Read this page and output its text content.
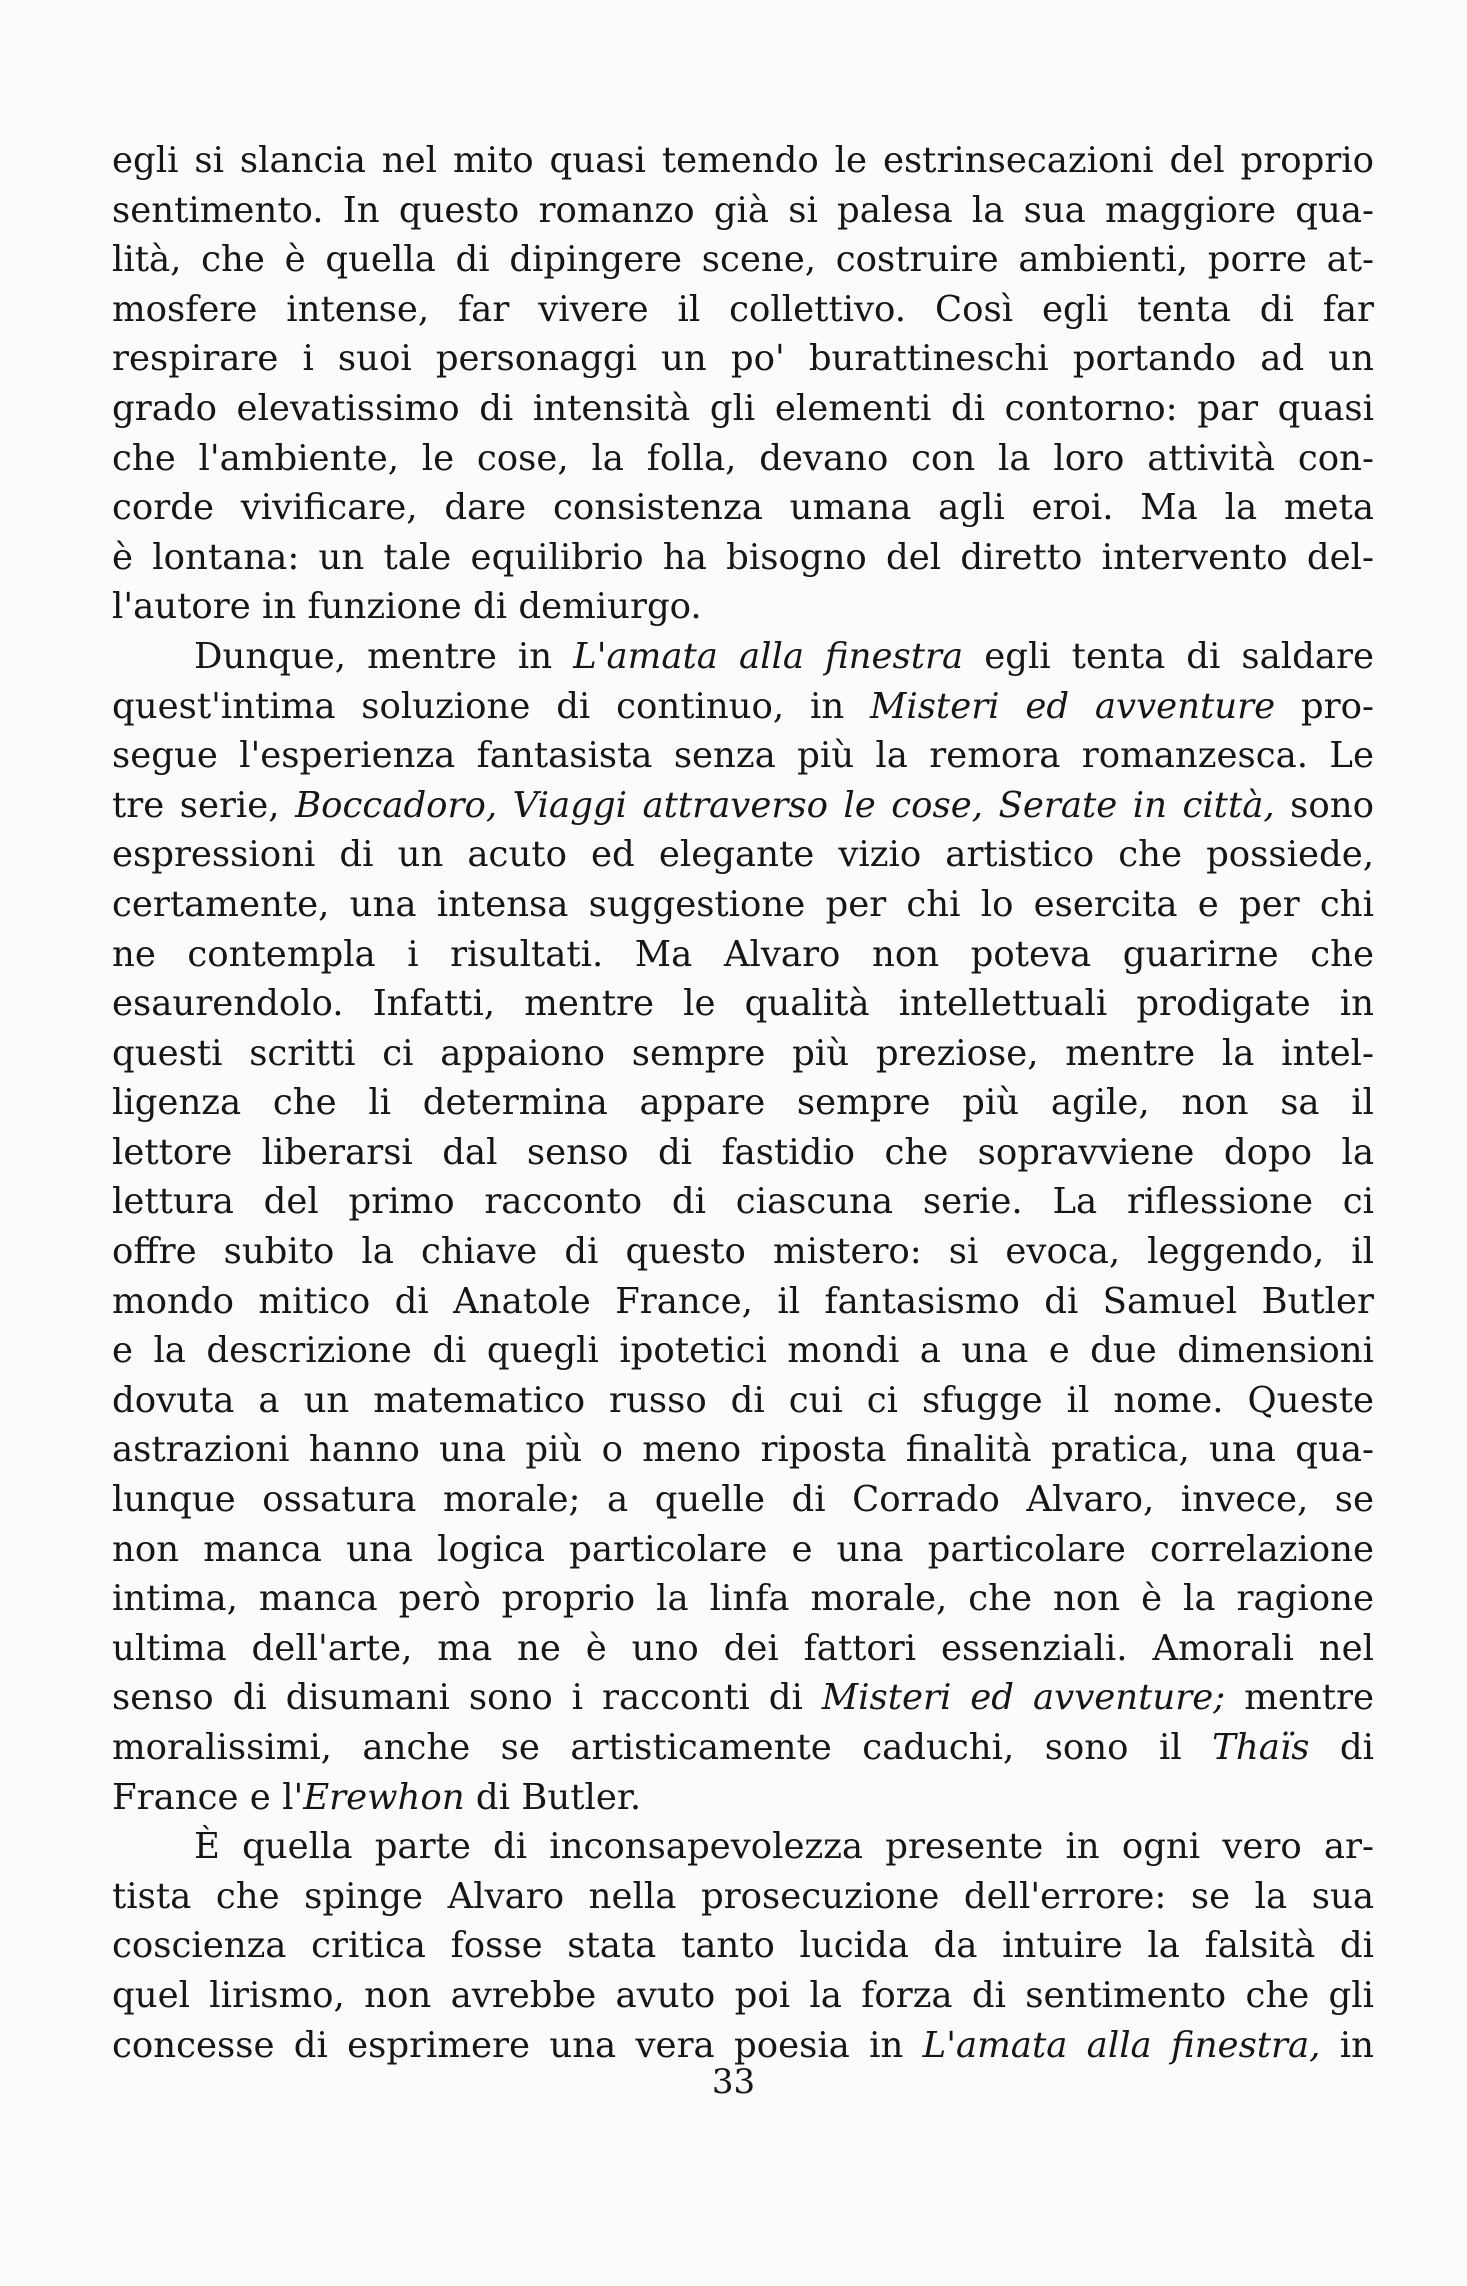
egli si slancia nel mito quasi temendo le estrinsecazioni del proprio
sentimento. In questo romanzo già si palesa la sua maggiore qua-
lità, che è quella di dipingere scene, costruire ambienti, porre at-
mosfere intense, far vivere il collettivo. Così egli tenta di far
respirare i suoi personaggi un po' burattineschi portando ad un
grado elevatissimo di intensità gli elementi di contorno: par quasi
che l'ambiente, le cose, la folla, devano con la loro attività con-
corde vivificare, dare consistenza umana agli eroi. Ma la meta
è lontana: un tale equilibrio ha bisogno del diretto intervento del-
l'autore in funzione di demiurgo.
Dunque, mentre in L'amata alla finestra egli tenta di saldare
quest'intima soluzione di continuo, in Misteri ed avventure pro-
segue l'esperienza fantasista senza più la remora romanzesca. Le
tre serie, Boccadoro, Viaggi attraverso le cose, Serate in città, sono
espressioni di un acuto ed elegante vizio artistico che possiede,
certamente, una intensa suggestione per chi lo esercita e per chi
ne contempla i risultati. Ma Alvaro non poteva guarirne che
esaurendolo. Infatti, mentre le qualità intellettuali prodigate in
questi scritti ci appaiono sempre più preziose, mentre la intel-
ligenza che li determina appare sempre più agile, non sa il
lettore liberarsi dal senso di fastidio che sopravviene dopo la
lettura del primo racconto di ciascuna serie. La riflessione ci
offre subito la chiave di questo mistero: si evoca, leggendo, il
mondo mitico di Anatole France, il fantasismo di Samuel Butler
e la descrizione di quegli ipotetici mondi a una e due dimensioni
dovuta a un matematico russo di cui ci sfugge il nome. Queste
astrazioni hanno una più o meno riposta finalità pratica, una qua-
lunque ossatura morale; a quelle di Corrado Alvaro, invece, se
non manca una logica particolare e una particolare correlazione
intima, manca però proprio la linfa morale, che non è la ragione
ultima dell'arte, ma ne è uno dei fattori essenziali. Amorali nel
senso di disumani sono i racconti di Misteri ed avventure; mentre
moralissimi, anche se artisticamente caduchi, sono il Thaïs di
France e l'Erewhon di Butler.
È quella parte di inconsapevolezza presente in ogni vero ar-
tista che spinge Alvaro nella prosecuzione dell'errore: se la sua
coscienza critica fosse stata tanto lucida da intuire la falsità di
quel lirismo, non avrebbe avuto poi la forza di sentimento che gli
concesse di esprimere una vera poesia in L'amata alla finestra, in
33
